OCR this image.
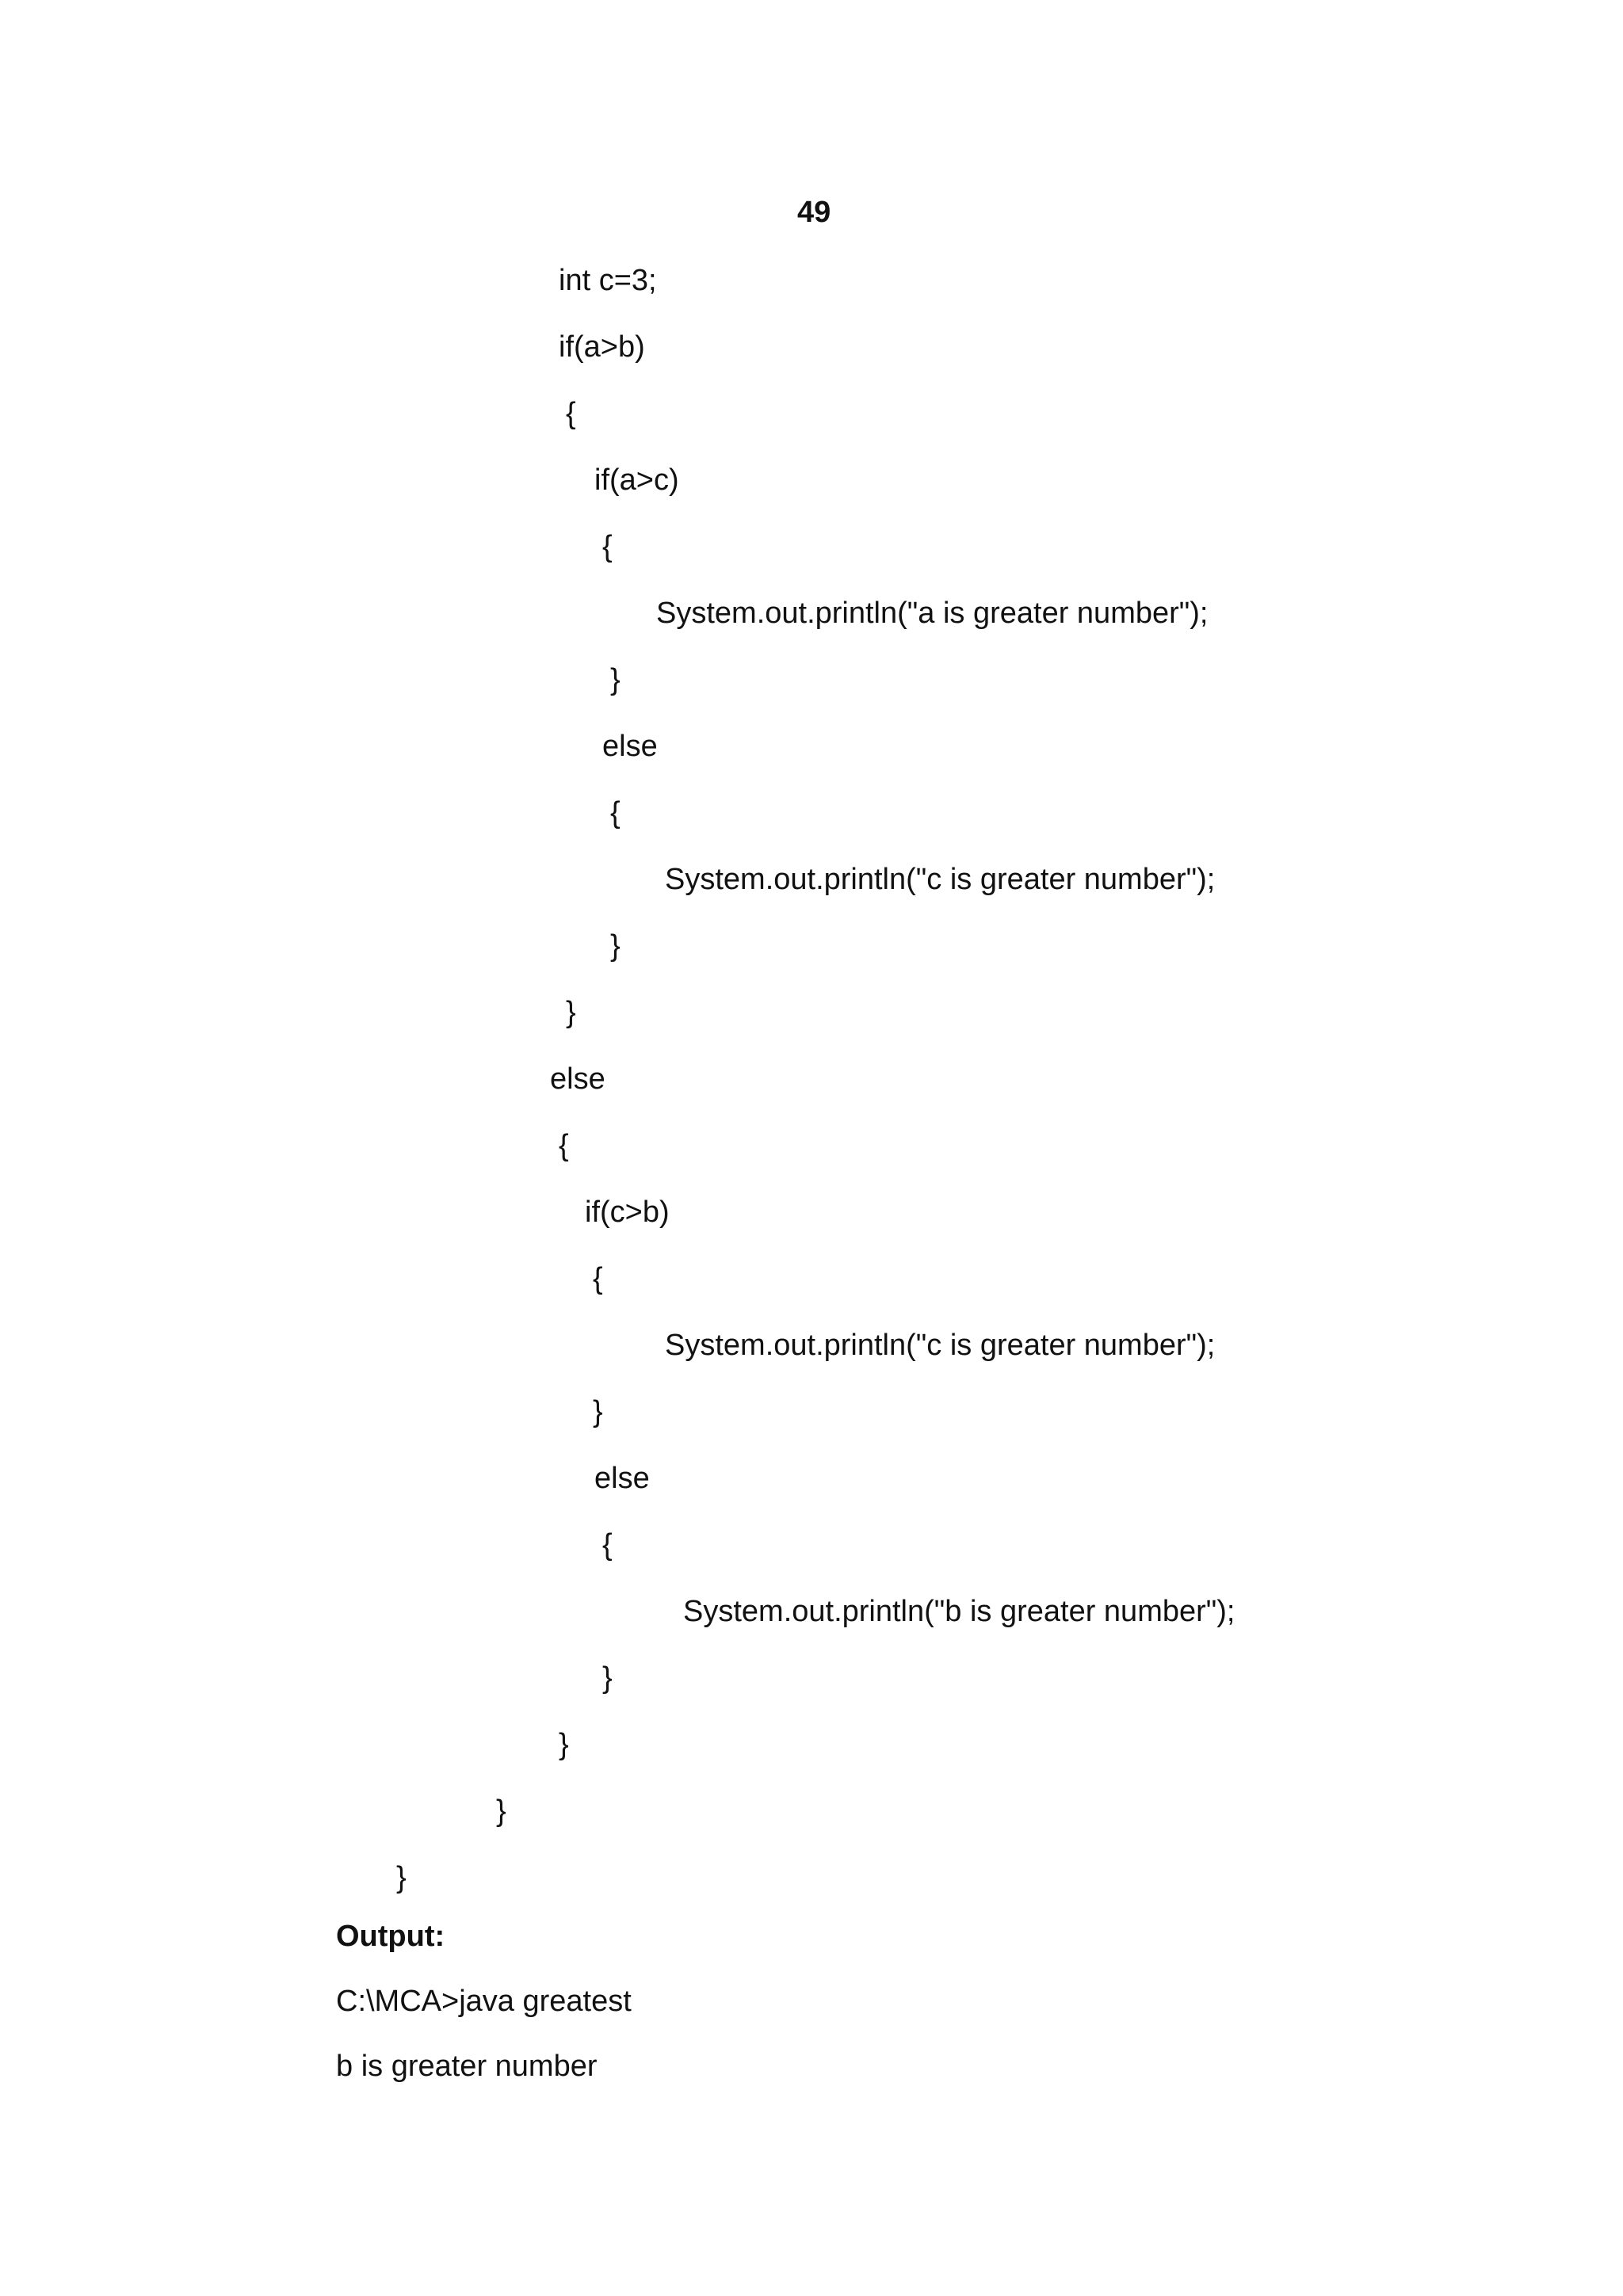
49
int c=3;
if(a>b)
{
if(a>c)
{
System.out.println("a is greater number");
}
else
{
System.out.println("c is greater number");
}
}
else
{
if(c>b)
{
System.out.println("c is greater number");
}
else
{
System.out.println("b is greater number");
}
}
}
}
Output:
C:\MCA>java greatest
b is greater number
